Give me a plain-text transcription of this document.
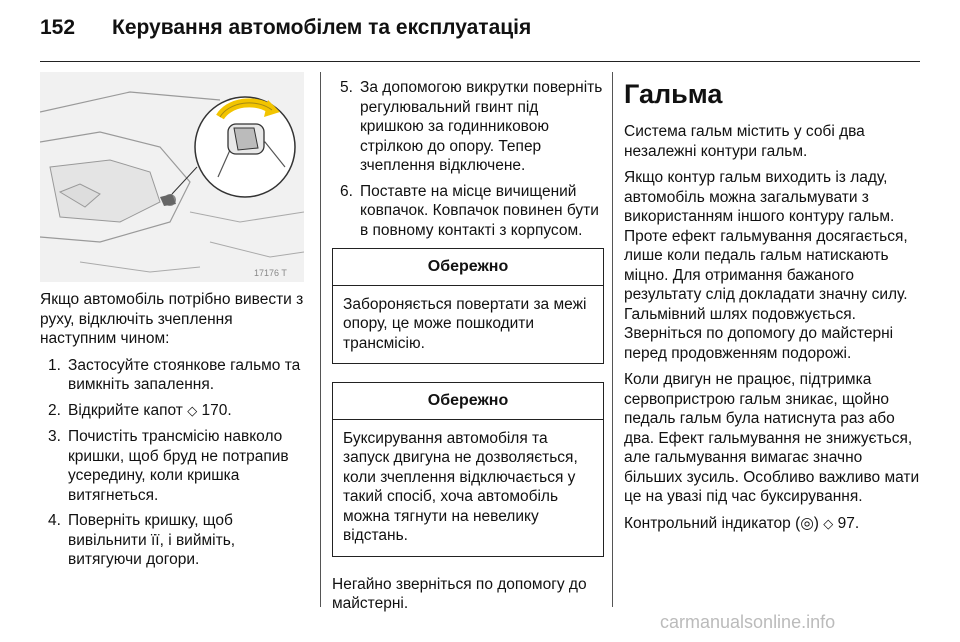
152 Керування автомобілем та експлуатація
17176 T

Якщо автомобіль потрібно вивести з руху, відключіть зчеплення наступним чином:

1. Застосуйте стоянкове гальмо та вимкніть запалення.
2. Відкрийте капот ◇ 170.
3. Почистіть трансмісію навколо кришки, щоб бруд не потрапив усередину, коли кришка витягнеться.
4. Поверніть кришку, щоб вивільнити її, і вийміть, витягуючи догори.
5. За допомогою викрутки поверніть регулювальний гвинт під кришкою за годинниковою стрілкою до опору. Тепер зчеплення відключене.
6. Поставте на місце вичищений ковпачок. Ковпачок повинен бути в повному контакті з корпусом.
Обережно
Забороняється повертати за межі опору, це може пошкодити трансмісію.
Обережно
Буксирування автомобіля та запуск двигуна не дозволяється, коли зчеплення відключається у такий спосіб, хоча автомобіль можна тягнути на невелику відстань.

Негайно зверніться по допомогу до майстерні.

Гальма

Система гальм містить у собі два незалежні контури гальм.

Якщо контур гальм виходить із ладу, автомобіль можна загальмувати з використанням іншого контуру гальм. Проте ефект гальмування досягається, лише коли педаль гальм натискають міцно. Для отримання бажаного результату слід докладати значну силу. Гальмівний шлях подовжується. Зверніться по допомогу до майстерні перед продовженням подорожі.

Коли двигун не працює, підтримка сервопристрою гальм зникає, щойно педаль гальм була натиснута раз або два. Ефект гальмування не знижується, але гальмування вимагає значно більших зусиль. Особливо важливо мати це на увазі під час буксирування.

Контрольний індикатор (◎) ◇ 97.

carmanualsonline.info
